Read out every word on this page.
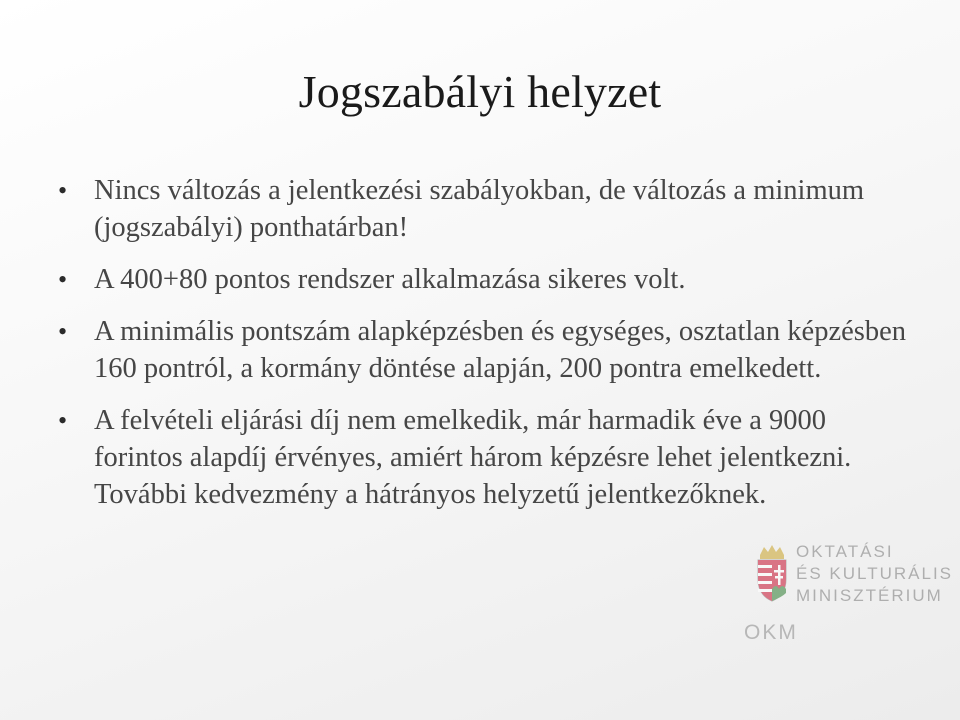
Jogszabályi helyzet
• Nincs változás a jelentkezési szabályokban, de változás a minimum (jogszabályi) ponthatárban!
• A 400+80 pontos rendszer alkalmazása sikeres volt.
• A minimális pontszám alapképzésben és egységes, osztatlan képzésben 160 pontról, a kormány döntése alapján, 200 pontra emelkedett.
• A felvételi eljárási díj nem emelkedik, már harmadik éve a 9000 forintos alapdíj érvényes, amiért három képzésre lehet jelentkezni. További kedvezmény a hátrányos helyzetű jelentkezőknek.
OKTATÁSI
ÉS KULTURÁLIS
MINISZTÉRIUM
OKM
